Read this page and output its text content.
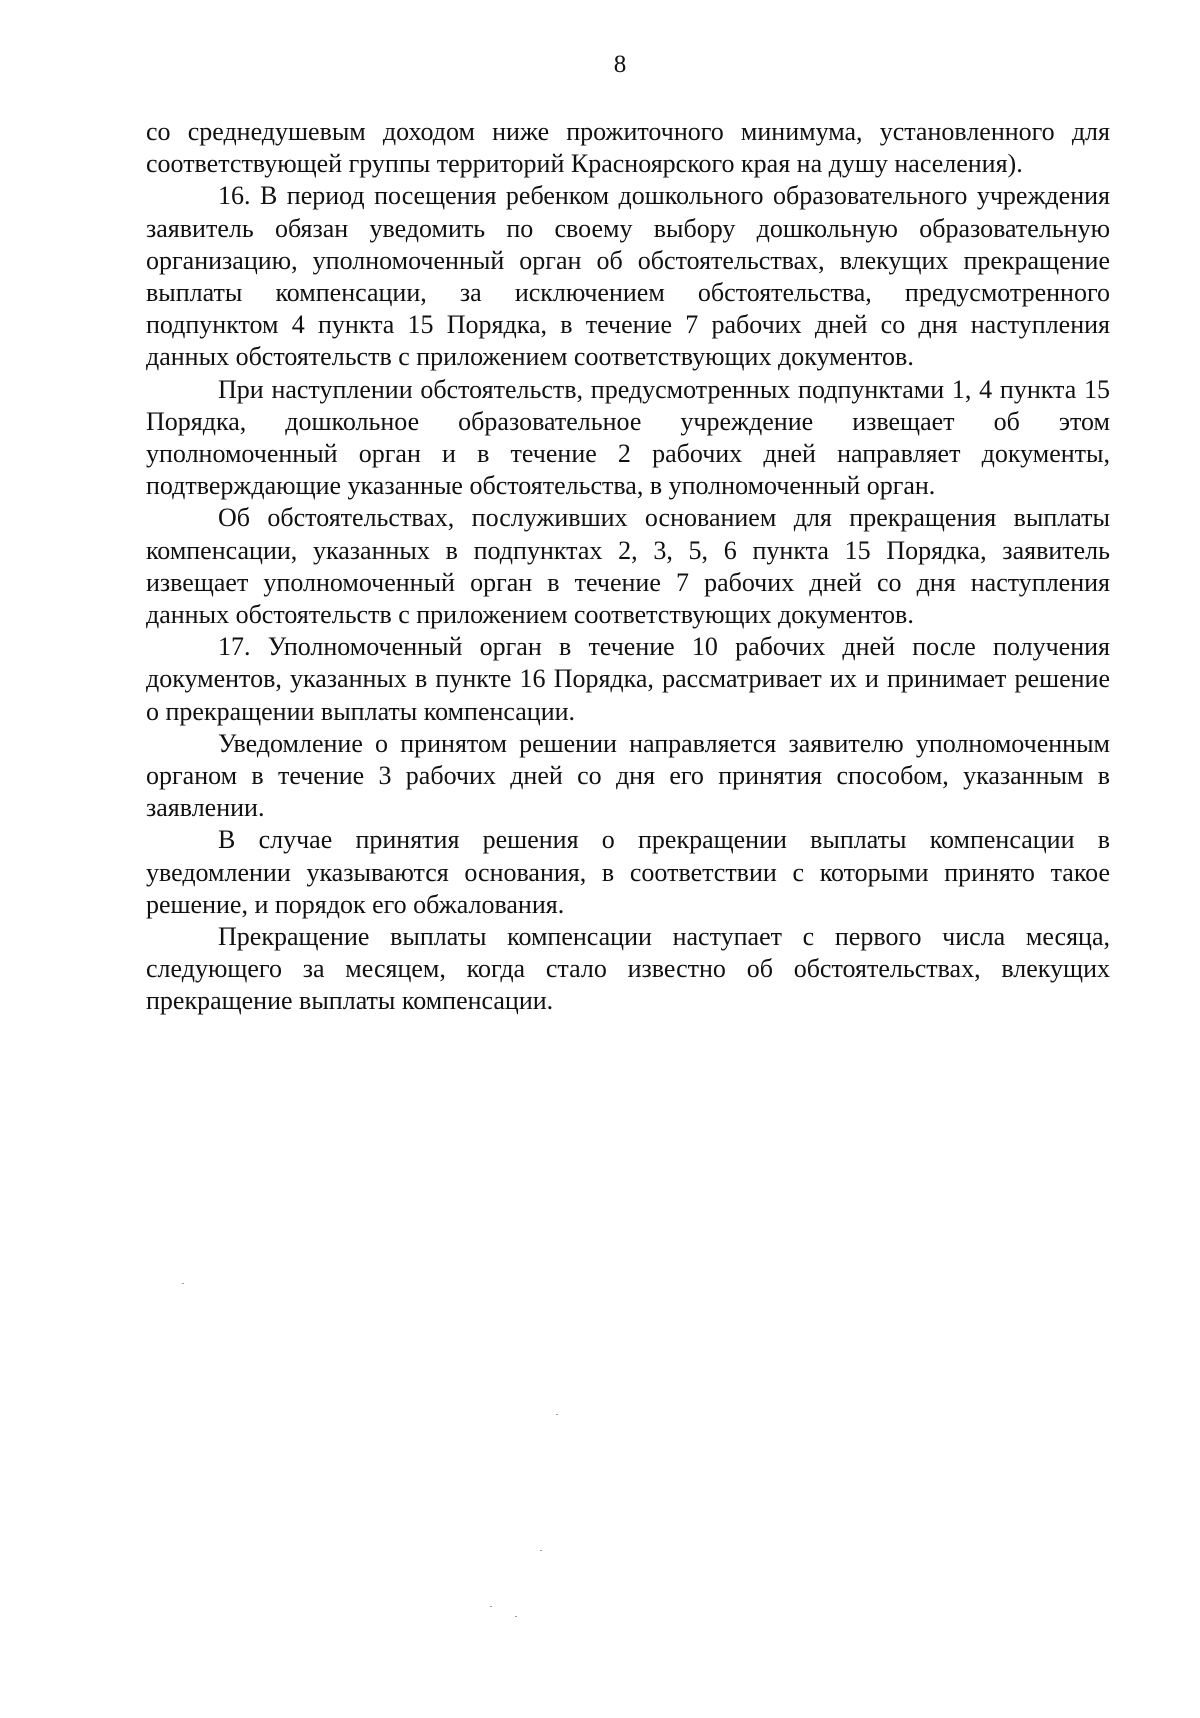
8

со среднедушевым доходом ниже прожиточного минимума, установленного для соответствующей группы территорий Красноярского края на душу населения).

16. В период посещения ребенком дошкольного образовательного учреждения заявитель обязан уведомить по своему выбору дошкольную образовательную организацию, уполномоченный орган об обстоятельствах, влекущих прекращение выплаты компенсации, за исключением обстоятельства, предусмотренного подпунктом 4 пункта 15 Порядка, в течение 7 рабочих дней со дня наступления данных обстоятельств с приложением соответствующих документов.

При наступлении обстоятельств, предусмотренных подпунктами 1, 4 пункта 15 Порядка, дошкольное образовательное учреждение извещает об этом уполномоченный орган и в течение 2 рабочих дней направляет документы, подтверждающие указанные обстоятельства, в уполномоченный орган.

Об обстоятельствах, послуживших основанием для прекращения выплаты компенсации, указанных в подпунктах 2, 3, 5, 6 пункта 15 Порядка, заявитель извещает уполномоченный орган в течение 7 рабочих дней со дня наступления данных обстоятельств с приложением соответствующих документов.

17. Уполномоченный орган в течение 10 рабочих дней после получения документов, указанных в пункте 16 Порядка, рассматривает их и принимает решение о прекращении выплаты компенсации.

Уведомление о принятом решении направляется заявителю уполномоченным органом в течение 3 рабочих дней со дня его принятия способом, указанным в заявлении.

В случае принятия решения о прекращении выплаты компенсации в уведомлении указываются основания, в соответствии с которыми принято такое решение, и порядок его обжалования.

Прекращение выплаты компенсации наступает с первого числа месяца, следующего за месяцем, когда стало известно об обстоятельствах, влекущих прекращение выплаты компенсации.
